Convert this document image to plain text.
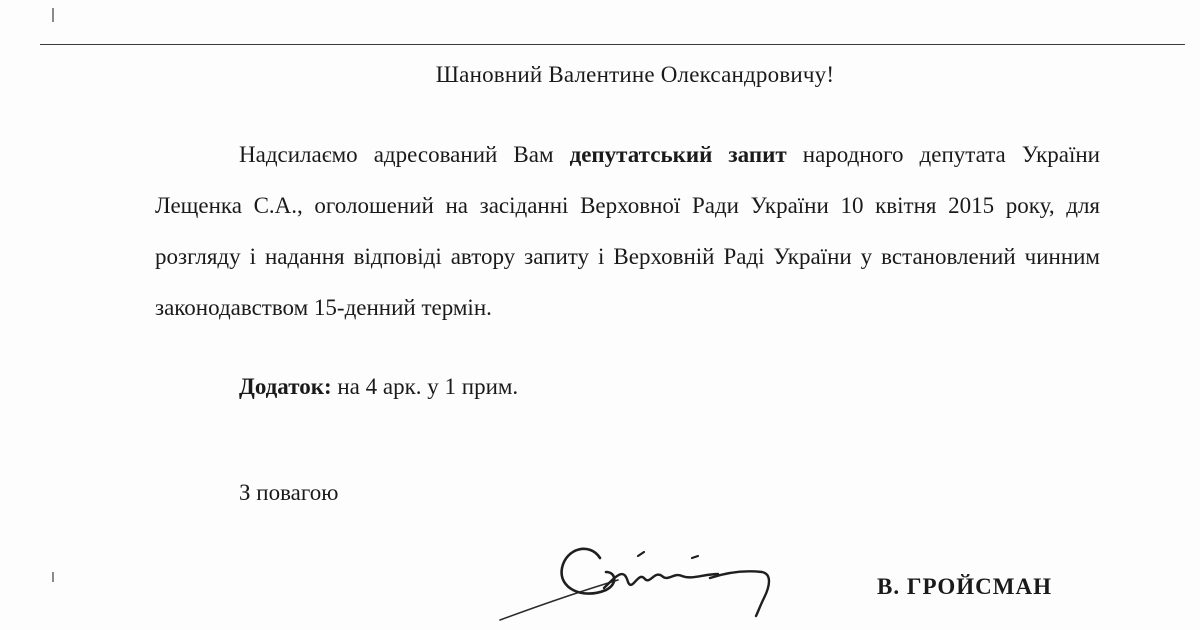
Шановний Валентине Олександровичу!

Надсилаємо адресований Вам депутатський запит народного депутата України Лещенка С.А., оголошений на засіданні Верховної Ради України 10 квітня 2015 року, для розгляду і надання відповіді автору запиту і Верховній Раді України у встановлений чинним законодавством 15-денний термін.

Додаток: на 4 арк. у 1 прим.
З повагою
В. ГРОЙСМАН
